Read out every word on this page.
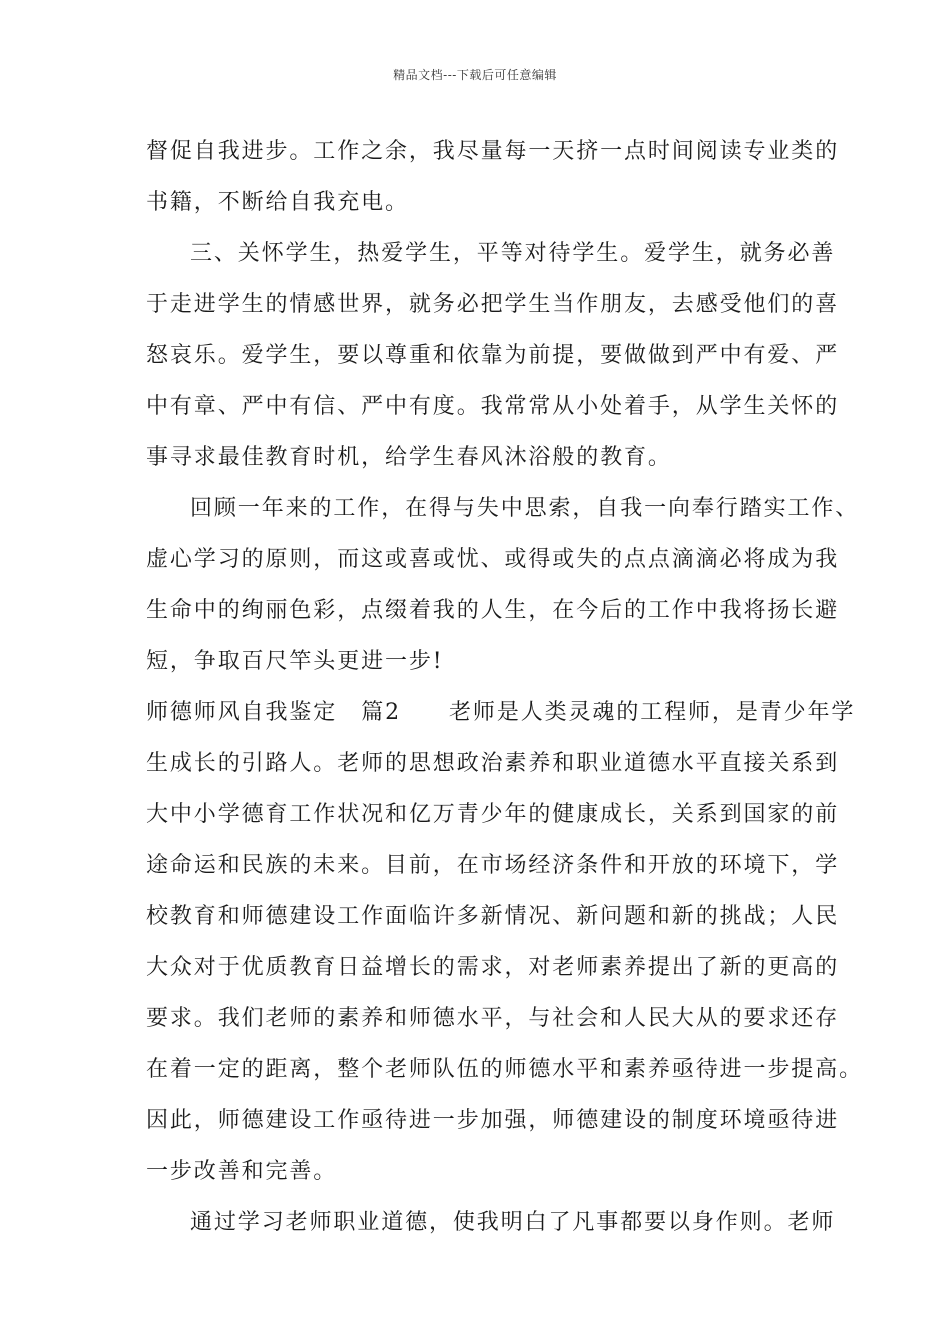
精品文档---下载后可任意编辑
督促自我进步。工作之余，我尽量每一天挤一点时间阅读专业类的
书籍，不断给自我充电。
三、关怀学生，热爱学生，平等对待学生。爱学生，就务必善
于走进学生的情感世界，就务必把学生当作朋友，去感受他们的喜
怒哀乐。爱学生，要以尊重和依靠为前提，要做做到严中有爱、严
中有章、严中有信、严中有度。我常常从小处着手，从学生关怀的
事寻求最佳教育时机，给学生春风沐浴般的教育。
回顾一年来的工作，在得与失中思索，自我一向奉行踏实工作、
虚心学习的原则，而这或喜或忧、或得或失的点点滴滴必将成为我
生命中的绚丽色彩，点缀着我的人生，在今后的工作中我将扬长避
短，争取百尺竿头更进一步!
师德师风自我鉴定 篇2 老师是人类灵魂的工程师，是青少年学
生成长的引路人。老师的思想政治素养和职业道德水平直接关系到
大中小学德育工作状况和亿万青少年的健康成长，关系到国家的前
途命运和民族的未来。目前，在市场经济条件和开放的环境下，学
校教育和师德建设工作面临许多新情况、新问题和新的挑战；人民
大众对于优质教育日益增长的需求，对老师素养提出了新的更高的
要求。我们老师的素养和师德水平，与社会和人民大从的要求还存
在着一定的距离，整个老师队伍的师德水平和素养亟待进一步提高。
因此，师德建设工作亟待进一步加强，师德建设的制度环境亟待进
一步改善和完善。
通过学习老师职业道德，使我明白了凡事都要以身作则。老师
